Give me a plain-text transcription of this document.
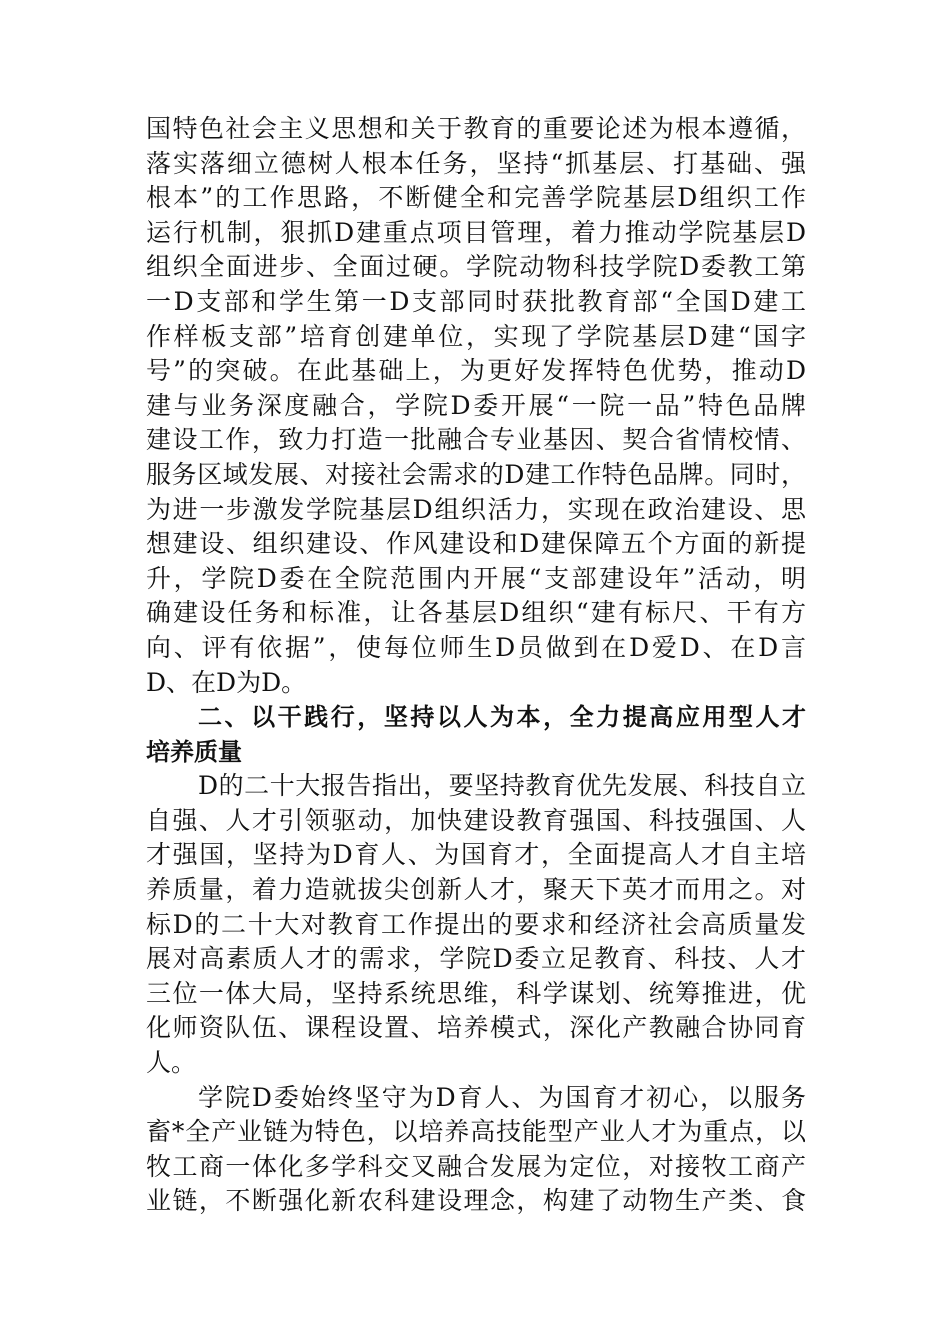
国特色社会主义思想和关于教育的重要论述为根本遵循，
落实落细立德树人根本任务，坚持“抓基层、打基础、强
根本”的工作思路，不断健全和完善学院基层D组织工作
运行机制，狠抓D建重点项目管理，着力推动学院基层D
组织全面进步、全面过硬。学院动物科技学院D委教工第
一D支部和学生第一D支部同时获批教育部“全国D建工
作样板支部”培育创建单位，实现了学院基层D建“国字
号”的突破。在此基础上，为更好发挥特色优势，推动D
建与业务深度融合，学院D委开展“一院一品”特色品牌
建设工作，致力打造一批融合专业基因、契合省情校情、
服务区域发展、对接社会需求的D建工作特色品牌。同时，
为进一步激发学院基层D组织活力，实现在政治建设、思
想建设、组织建设、作风建设和D建保障五个方面的新提
升，学院D委在全院范围内开展“支部建设年”活动，明
确建设任务和标准，让各基层D组织“建有标尺、干有方
向、评有依据”，使每位师生D员做到在D爱D、在D言
D、在D为D。
二、以干践行，坚持以人为本，全力提高应用型人才
培养质量
D的二十大报告指出，要坚持教育优先发展、科技自立
自强、人才引领驱动，加快建设教育强国、科技强国、人
才强国，坚持为D育人、为国育才，全面提高人才自主培
养质量，着力造就拔尖创新人才，聚天下英才而用之。对
标D的二十大对教育工作提出的要求和经济社会高质量发
展对高素质人才的需求，学院D委立足教育、科技、人才
三位一体大局，坚持系统思维，科学谋划、统筹推进，优
化师资队伍、课程设置、培养模式，深化产教融合协同育
人。
学院D委始终坚守为D育人、为国育才初心，以服务
畜*全产业链为特色，以培养高技能型产业人才为重点，以
牧工商一体化多学科交叉融合发展为定位，对接牧工商产
业链，不断强化新农科建设理念，构建了动物生产类、食
